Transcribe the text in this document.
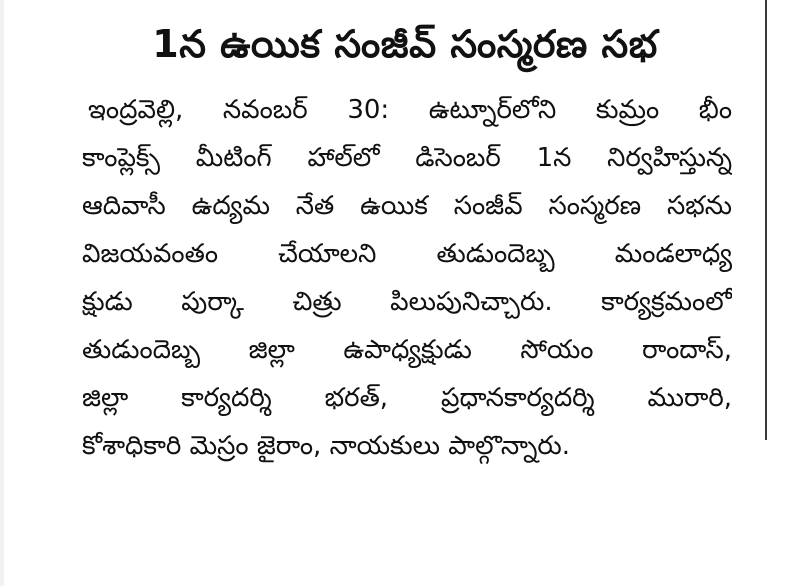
1న ఉయిక సంజీవ్ సంస్మరణ సభ
ఇంద్రవెల్లి, నవంబర్ 30: ఉట్నూర్‌లోని కుమ్రం భీం
కాంప్లెక్స్ మీటింగ్ హాల్‌లో డిసెంబర్ 1న నిర్వహిస్తున్న
ఆదివాసీ ఉద్యమ నేత ఉయిక సంజీవ్ సంస్మరణ సభను
విజయవంతం చేయాలని తుడుందెబ్బ మండలాధ్య
క్షుడు పుర్కా చిత్రు పిలుపునిచ్చారు. కార్యక్రమంలో
తుడుందెబ్బ జిల్లా ఉపాధ్యక్షుడు సోయం రాందాస్,
జిల్లా కార్యదర్శి భరత్, ప్రధానకార్యదర్శి మురారి,
కోశాధికారి మెస్రం జైరాం, నాయకులు పాల్గొన్నారు.
